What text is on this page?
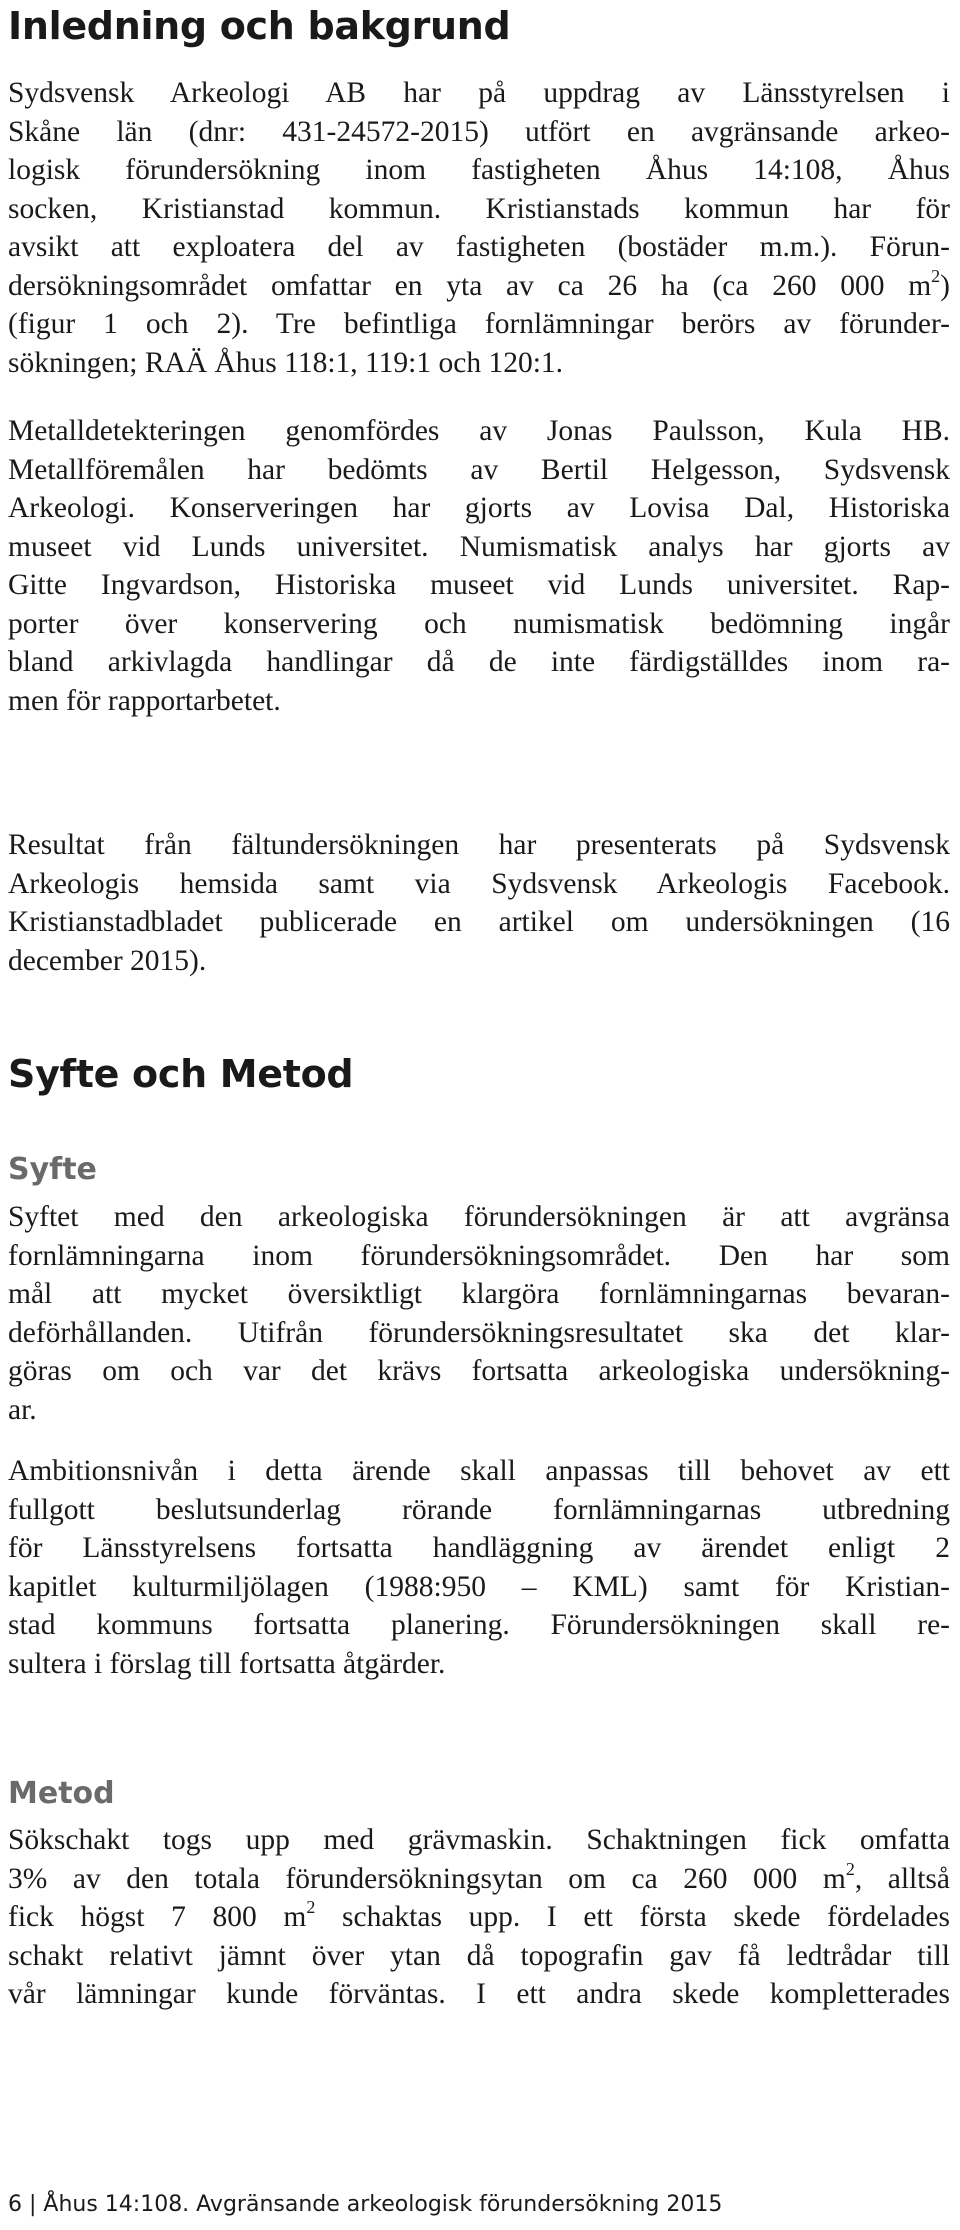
Inledning och bakgrund
Sydsvensk Arkeologi AB har på uppdrag av Länsstyrelsen i
Skåne län (dnr: 431-24572-2015) utfört en avgränsande arkeo-
logisk förundersökning inom fastigheten Åhus 14:108, Åhus
socken, Kristianstad kommun. Kristianstads kommun har för
avsikt att exploatera del av fastigheten (bostäder m.m.). Förun-
dersökningsområdet omfattar en yta av ca 26 ha (ca 260 000 $m^2$)
(figur 1 och 2). Tre befintliga fornlämningar berörs av förunder-
sökningen; RAÄ Åhus 118:1, 119:1 och 120:1.
Metalldetekteringen genomfördes av Jonas Paulsson, Kula HB.
Metallföremålen har bedömts av Bertil Helgesson, Sydsvensk
Arkeologi. Konserveringen har gjorts av Lovisa Dal, Historiska
museet vid Lunds universitet. Numismatisk analys har gjorts av
Gitte Ingvardson, Historiska museet vid Lunds universitet. Rap-
porter över konservering och numismatisk bedömning ingår
bland arkivlagda handlingar då de inte färdigställdes inom ra-
men för rapportarbetet.
Resultat från fältundersökningen har presenterats på Sydsvensk
Arkeologis hemsida samt via Sydsvensk Arkeologis Facebook.
Kristianstadbladet publicerade en artikel om undersökningen (16
december 2015).
Syfte och Metod
Syfte
Syftet med den arkeologiska förundersökningen är att avgränsa
fornlämningarna inom förundersökningsområdet. Den har som
mål att mycket översiktligt klargöra fornlämningarnas bevaran-
deförhållanden. Utifrån förundersökningsresultatet ska det klar-
göras om och var det krävs fortsatta arkeologiska undersökning-
ar.
Ambitionsnivån i detta ärende skall anpassas till behovet av ett
fullgott beslutsunderlag rörande fornlämningarnas utbredning
för Länsstyrelsens fortsatta handläggning av ärendet enligt 2
kapitlet kulturmiljölagen (1988:950 – KML) samt för Kristian-
stad kommuns fortsatta planering. Förundersökningen skall re-
sultera i förslag till fortsatta åtgärder.
Metod
Sökschakt togs upp med grävmaskin. Schaktningen fick omfatta
3% av den totala förundersökningsytan om ca 260 000 $m^2$, alltså
fick högst 7 800 $m^2$ schaktas upp. I ett första skede fördelades
schakt relativt jämnt över ytan då topografin gav få ledtrådar till
vår lämningar kunde förväntas. I ett andra skede kompletterades

6 | Åhus 14:108. Avgränsande arkeologisk förundersökning 2015
